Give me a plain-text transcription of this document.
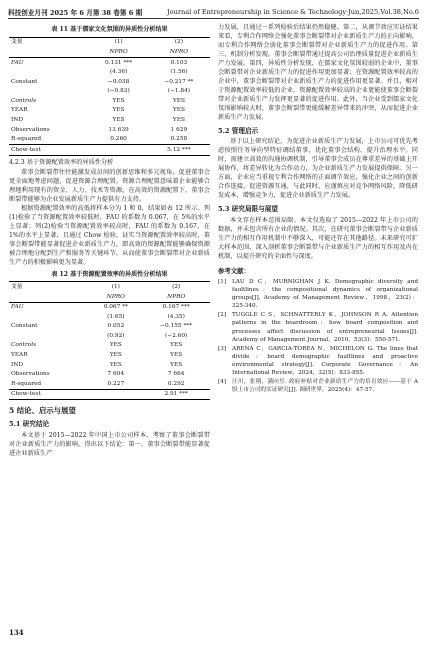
科技创业月刊 2025 年 6 月第 38 卷第 6 期	Journal of Entrepreneurship in Science & Technology·Jun,2025,Vol.38,No.6
表 11 基于儒家文化氛围的异质性分析结果
变量	(1)	(2)
	NPRO	NPRO
FAU	0.131 ***	0.103
	(4.36)	(1.56)
Constant	−0.038	−0.217 **
	(−0.83)	(−1.84)
Controls	YES	YES
YEAR	YES	YES
IND	YES	YES
Observations	13 639	1 629
R-squared	0.260	0.258
Chow-test		5.12 ***
4.2.3 基于资源配置效率的异质性分析

董事会断裂带往往能激发成员间的创新思维和多元视角，促进董事会更全面地考虑问题，促进资源合理配置。资源合理配置意味着企业能够合理地利用现有的资金、人力、技术等资源，在高效的资源配置下，董事会断裂带能够为企业发展新质生产力提供有力支持。

根据资源配置效率的高低将样本分为 1 和 0，结果如表 12 所示。列(1)检验了当资源配置效率较低时，FAU 的系数为 0.067，在 5%的水平上显著；列(2)检验当资源配置效率较高时，FAU 的系数为 0.167，在 1%的水平上显著，且通过 Chow 检验。证实当资源配置效率较高时，董事会断裂带能显著促进企业新质生产力，即高效的资源配置能够确保资源被合理地分配到生产和服务等关键环节，从而使董事会断裂带对企业新质生产力的积极影响更为显著。

表 12 基于资源配置效率的异质性分析结果
变量	(1)	(2)
	NPRO	NPRO
FAU	0.067 **	0.167 ***
	(1.65)	(4.35)
Constant	0.052	−0.155 ***
	(0.92)	(−2.60)
Controls	YES	YES
YEAR	YES	YES
IND	YES	YES
Observations	7 604	7 664
R-squared	0.227	0.292
Chow-test		2.91 ***
5 结论、启示与展望
5.1 研究结论

本文基于 2015—2022 年中国上市公司样本，考察了董事会断裂带对企业新质生产力的影响。得出以下结论：第一，董事会断裂带能显著促进企业新质生产

力发展，且通过一系列检验后结果仍然稳健。第二，从调节效应实证结果来看，专利合作网络会强化董事会断裂带对企业新质生产力的正向影响，而专利合作网络会弱化董事会断裂带对企业新质生产力的促进作用。第三，机制分析发现，董事会断裂带通过提高公司治理质量促进企业新质生产力发展。第四，异质性分析发现，在儒家文化氛围较弱的企业中，董事会断裂带对企业新质生产力的促进作用更加显著；在资源配置效率较高的企业中，董事会断裂带对企业新质生产力的促进作用更显著。并且，相对于资源配置效率较低的企业，资源配置效率较高的企业更能使董事会断裂带对企业新质生产力发挥更显著的促进作用。此外，当企业受到儒家文化氛围影响较大时，董事会断裂带更能缓解差异带来的冲突，从而促进企业新质生产力发展。

5.2 管理启示

基于以上研究结论，为促进企业新质生产力发展，上市公司可优先考虑按照任务导向型特征调结董事，优化董事会结构，提升治理水平。同时，需建立高效的沟通协调机制，引导董事会成员在尊重差异的基础上开展协作，将差异转化为合作动力，为企业新质生产力发展提供保障。另一方面，企业应当重视专利合作网络的正面调节效应，强化企业之间的创新合作连接，促进资源互通，与此同时，应谨慎应对竞争网络风险，降低研发成本，增强竞争力，促进企业新质生产力发展。

5.3 研究局限与展望

本文存在样本范围局限。本文仅选取了 2015—2022 年上市公司的数据，并未包含所有企业的情况。其次，在研究董事会断裂带与企业新质生产力的相互作用机制中不够深入，可能还存在其他路径。未来研究可扩大样本范围，深入剖析董事会断裂带与企业新质生产力的相互作用及内在机制，以提升研究的全面性与深度。

参考文献：
[1]	LAU D C，MURNIGHAN J K. Demographic diversity and faultlines：the compositional dynamics of organizational groups[J]. Academy of Management Review，1998，23(2)：325-340.
[2]	TUGGLE C S，SCHNATTERLY K，JOHNSON R A. Attention patterns in the boardroom：how board composition and processes affect discussion of entrepreneurial Issues[J]. Academy of Management Journal，2010，53(3)：550-571.
[3]	ARENA C，GARCIA-TOREA N，MICHELON G. The lines that divide：board demographic faultlines and proactive environmental strategy[J]. Corporate Governance：An International Review，2024，32(5)：833-855.
[4]	汪川，张翔，满向昱. 政府补贴对企业新质生产力的培育效应——基于 A 股上市公司的实证研究[J]. 调研世界，2025(4)：47-57.
134
